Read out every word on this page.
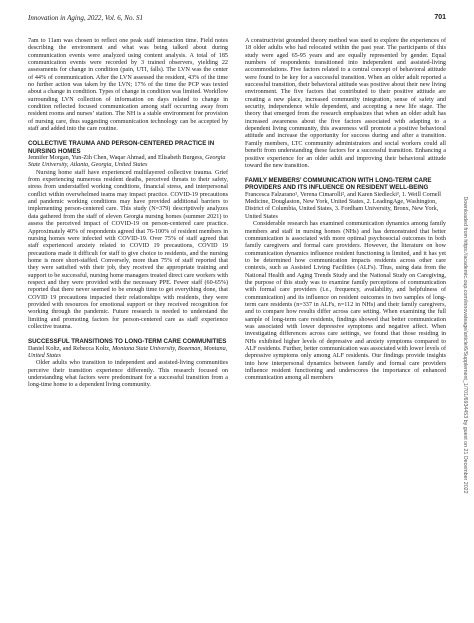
Innovation in Aging, 2022, Vol. 6, No. S1	701

7am to 11am was chosen to reflect one peak staff interaction time. Field notes describing the environment and what was being talked about during communication events were analyzed using content analysis. A total of 185 communication events were recorded by 3 trained observers, yielding 22 assessments for change in condition (pain, UTI, falls). The LVN was the center of 44% of communication. After the LVN assessed the resident, 43% of the time no further action was taken by the LVN; 17% of the time the PCP was texted about a change in condition. Types of change in condition was limited. Workflow surrounding LVN collection of information on days related to change in condition reflected focused communication among staff occurring away from resident rooms and nurses’ station. The NH is a stable environment for provision of nursing care, thus suggesting communication technology can be accepted by staff and added into the care routine.

COLLECTIVE TRAUMA AND PERSON-CENTERED PRACTICE IN NURSING HOMES

Jennifer Morgan, Yun-Zih Chen, Waqar Ahmad, and Elisabeth Burgess, Georgia State University, Atlanta, Georgia, United States

Nursing home staff have experienced multilayered collective trauma. Grief from experiencing numerous resident deaths, perceived threats to their safety, stress from understaffed working conditions, financial stress, and interpersonal conflict within overwhelmed teams may impact practice. COVID-19 precautions and pandemic working conditions may have provided additional barriers to implementing person-centered care. This study (N=379) descriptively analyzes data gathered from the staff of eleven Georgia nursing homes (summer 2021) to assess the perceived impact of COVID-19 on person-centered care practice. Approximately 40% of respondents agreed that 76-100% of resident members in nursing homes were infected with COVID-19. Over 75% of staff agreed that staff experienced anxiety related to COVID 19 precautions, COVID 19 precautions made it difficult for staff to give choice to residents, and the nursing home is more short-staffed. Conversely, more than 75% of staff reported that they were satisfied with their job, they received the appropriate training and support to be successful, nursing home managers treated direct care workers with respect and they were provided with the necessary PPE. Fewer staff (60-65%) reported that there never seemed to be enough time to get everything done, that COVID 19 precautions impacted their relationships with residents, they were provided with resources for emotional support or they received recognition for working through the pandemic. Future research is needed to understand the limiting and promoting factors for person-centered care as staff experience collective trauma.

SUCCESSFUL TRANSITIONS TO LONG-TERM CARE COMMUNITIES

Daniel Koltz, and Rebecca Koltz, Montana State University, Bozeman, Montana, United States

Older adults who transition to independent and assisted-living communities perceive their transition experience differently. This research focused on understanding what factors were predominant for a successful transition from a long-time home to a dependent living community.

A constructivist grounded theory method was used to explore the experiences of 18 older adults who had relocated within the past year. The participants of this study were aged 65-95 years and are equally represented by gender. Equal numbers of respondents transitioned into independent and assisted-living accommodations. Five factors related to a central concept of behavioral attitude were found to be key for a successful transition. When an older adult reported a successful transition, their behavioral attitude was positive about their new living environment. The five factors that contributed to their positive attitude are creating a new place, increased community integration, sense of safety and security, independence while dependent, and accepting a new life stage. The theory that emerged from the research emphasizes that when an older adult has increased awareness about the five factors associated with adapting to a dependent living community, this awareness will promote a positive behavioral attitude and increase the opportunity for success during and after a transition. Family members, LTC community administrators and social workers could all benefit from understanding these factors for a successful transition. Enhancing a positive experience for an older adult and improving their behavioral attitude toward the new transition.

FAMILY MEMBERS’ COMMUNICATION WITH LONG-TERM CARE PROVIDERS AND ITS INFLUENCE ON RESIDENT WELL-BEING

Francesca Falzarano¹, Verena Cimarolli², and Karen Siedlecki³, 1. Weill Cornell Medicine, Douglaston, New York, United States, 2. LeadingAge, Washington, District of Columbia, United States, 3. Fordham University, Bronx, New York, United States

Considerable research has examined communication dynamics among family members and staff in nursing homes (NHs) and has demonstrated that better communication is associated with more optimal psychosocial outcomes in both family caregivers and formal care providers. However, the literature on how communication dynamics influence resident functioning is limited, and it has yet to be determined how communication impacts residents across other care contexts, such as Assisted Living Facilities (ALFs). Thus, using data from the National Health and Aging Trends Study and the National Study on Caregiving, the purpose of this study was to examine family perceptions of communication with formal care providers (i.e., frequency, availability, and helpfulness of communication) and its influence on resident outcomes in two samples of long-term care residents (n=337 in ALFs, n=112 in NHs) and their family caregivers, and to compare how results differ across care setting. When examining the full sample of long-term care residents, findings showed that better communication was associated with lower depressive symptoms and negative affect. When investigating differences across care settings, we found that those residing in NHs exhibited higher levels of depressive and anxiety symptoms compared to ALF residents. Further, better communication was associated with lower levels of depressive symptoms only among ALF residents. Our findings provide insights into how interpersonal dynamics between family and formal care providers influence resident functioning and underscores the importance of enhanced communication among all members	Downloaded from https://academic.oup.com/innovateage/article/6/Supplement_1/701/6934453 by guest on 21 December 2022
